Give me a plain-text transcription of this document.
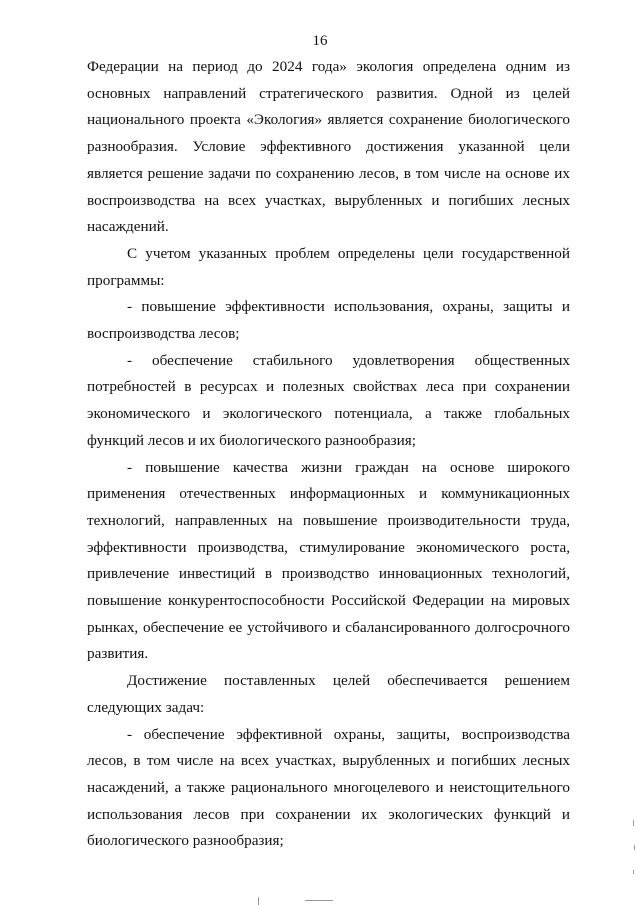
16

Федерации на период до 2024 года» экология определена одним из основных направлений стратегического развития. Одной из целей национального проекта «Экология» является сохранение биологического разнообразия. Условие эффективного достижения указанной цели является решение задачи по сохранению лесов, в том числе на основе их воспроизводства на всех участках, вырубленных и погибших лесных насаждений.

С учетом указанных проблем определены цели государственной программы:

- повышение эффективности использования, охраны, защиты и воспроизводства лесов;

- обеспечение стабильного удовлетворения общественных потребностей в ресурсах и полезных свойствах леса при сохранении экономического и экологического потенциала, а также глобальных функций лесов и их биологического разнообразия;

- повышение качества жизни граждан на основе широкого применения отечественных информационных и коммуникационных технологий, направленных на повышение производительности труда, эффективности производства, стимулирование экономического роста, привлечение инвестиций в производство инновационных технологий, повышение конкурентоспособности Российской Федерации на мировых рынках, обеспечение ее устойчивого и сбалансированного долгосрочного развития.

Достижение поставленных целей обеспечивается решением следующих задач:

- обеспечение эффективной охраны, защиты, воспроизводства лесов, в том числе на всех участках, вырубленных и погибших лесных насаждений, а также рационального многоцелевого и неистощительного использования лесов при сохранении их экологических функций и биологического разнообразия;
